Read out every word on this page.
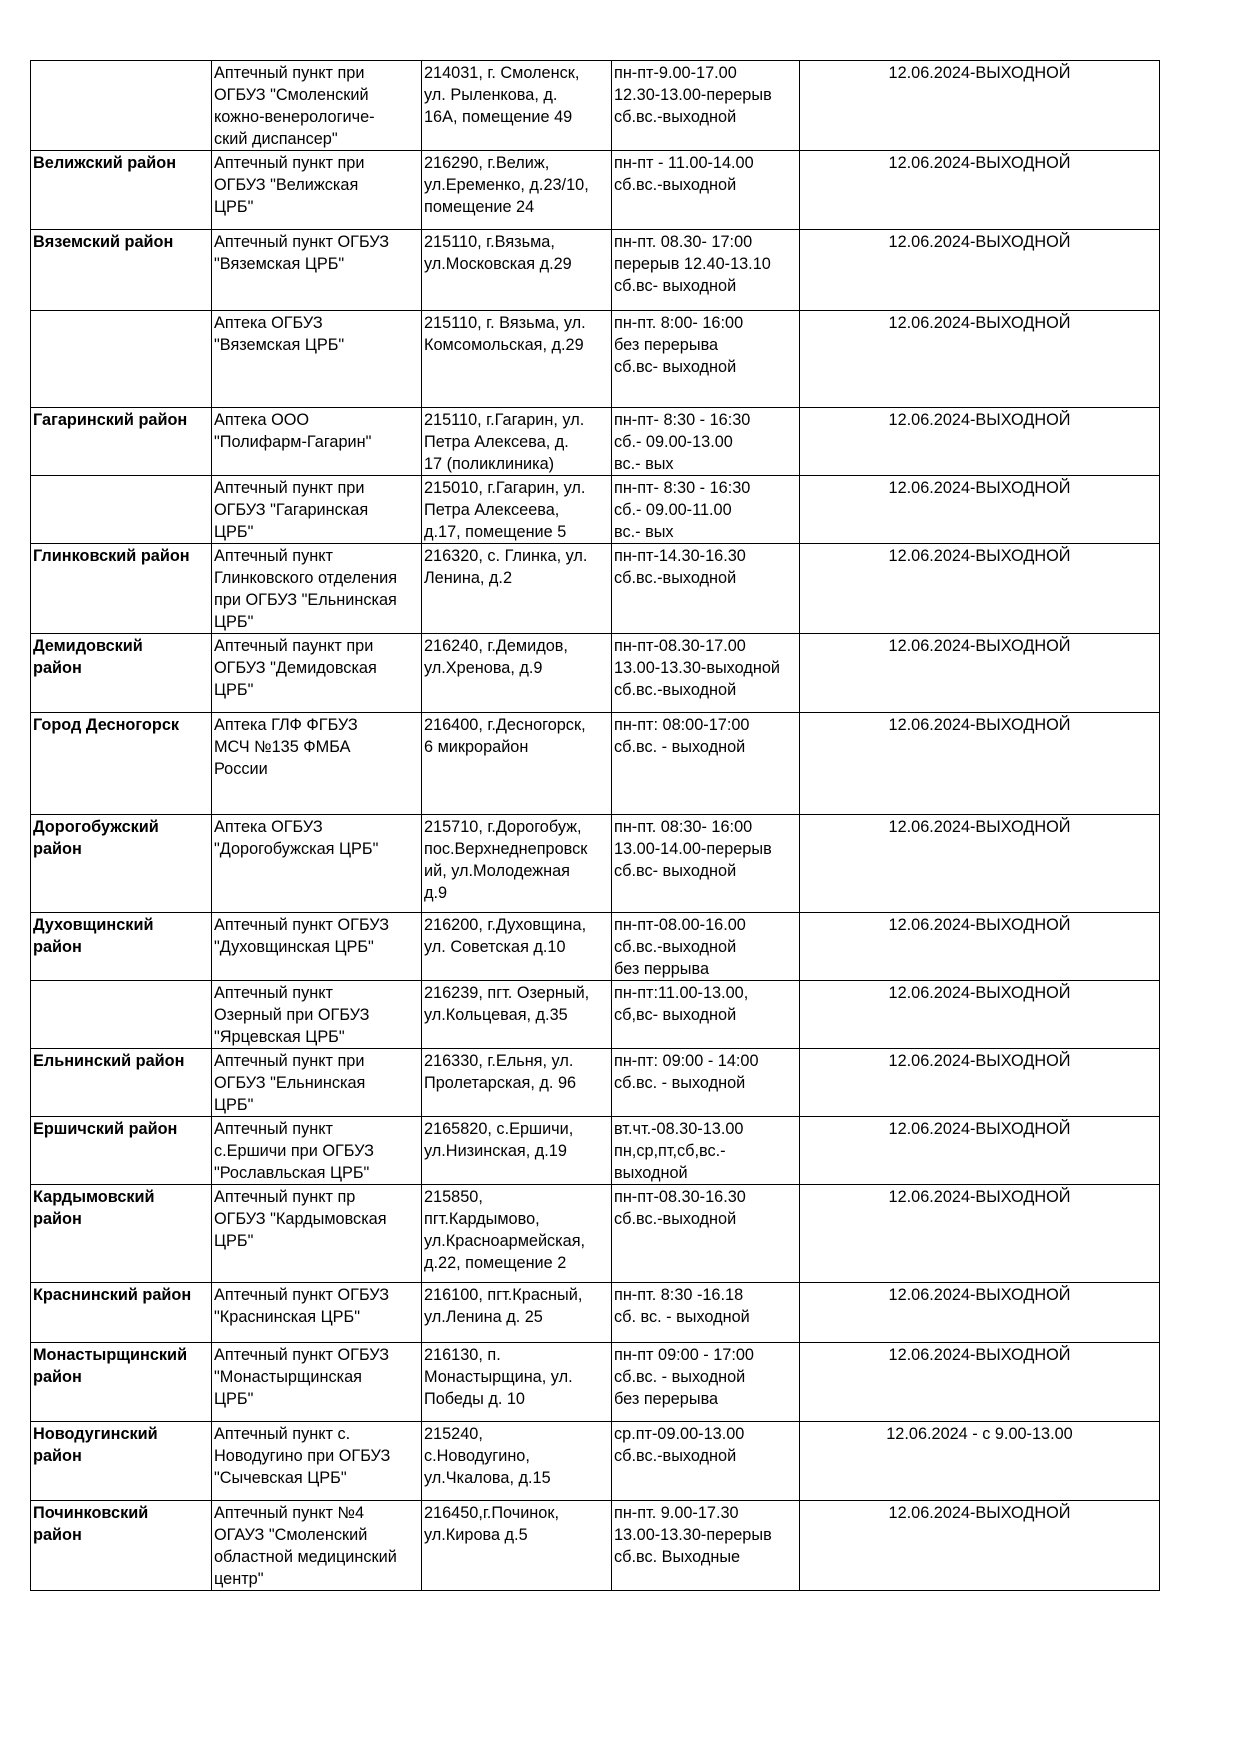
	Аптечный пункт при
ОГБУЗ "Смоленский
кожно-венерологиче-
ский диспансер"	214031, г. Смоленск,
ул. Рыленкова, д.
16А, помещение 49	пн-пт-9.00-17.00
12.30-13.00-перерыв
сб.вс.-выходной	12.06.2024-ВЫХОДНОЙ
Велижский район	Аптечный пункт при
ОГБУЗ "Велижская
ЦРБ"	216290, г.Велиж,
ул.Еременко, д.23/10,
помещение 24	пн-пт - 11.00-14.00
сб.вс.-выходной	12.06.2024-ВЫХОДНОЙ
Вяземский район	Аптечный пункт ОГБУЗ
"Вяземская ЦРБ"	215110, г.Вязьма,
ул.Московская д.29	пн-пт. 08.30- 17:00
перерыв 12.40-13.10
сб.вс- выходной	12.06.2024-ВЫХОДНОЙ
	Аптека ОГБУЗ
"Вяземская ЦРБ"	215110, г. Вязьма, ул.
Комсомольская, д.29	пн-пт. 8:00- 16:00
без перерыва
сб.вс- выходной	12.06.2024-ВЫХОДНОЙ
Гагаринский район	Аптека ООО
"Полифарм-Гагарин"	215110, г.Гагарин, ул.
Петра Алексева, д.
17 (поликлиника)	пн-пт- 8:30 - 16:30
сб.- 09.00-13.00
вс.- вых	12.06.2024-ВЫХОДНОЙ
	Аптечный пункт при
ОГБУЗ "Гагаринская
ЦРБ"	215010, г.Гагарин, ул.
Петра Алексеева,
д.17, помещение 5	пн-пт- 8:30 - 16:30
сб.- 09.00-11.00
вс.- вых	12.06.2024-ВЫХОДНОЙ
Глинковский район	Аптечный пункт
Глинковского отделения
при ОГБУЗ "Ельнинская
ЦРБ"	216320, с. Глинка, ул.
Ленина, д.2	пн-пт-14.30-16.30
сб.вс.-выходной	12.06.2024-ВЫХОДНОЙ
Демидовский
район	Аптечный паункт при
ОГБУЗ "Демидовская
ЦРБ"	216240, г.Демидов,
ул.Хренова, д.9	пн-пт-08.30-17.00
13.00-13.30-выходной
сб.вс.-выходной	12.06.2024-ВЫХОДНОЙ
Город Десногорск	Аптека ГЛФ ФГБУЗ
МСЧ №135 ФМБА
России	216400, г.Десногорск,
6 микрорайон	пн-пт: 08:00-17:00
сб.вс. - выходной	12.06.2024-ВЫХОДНОЙ
Дорогобужский
район	Аптека ОГБУЗ
"Дорогобужская ЦРБ"	215710, г.Дорогобуж,
пос.Верхнеднепровск
ий, ул.Молодежная
д.9	пн-пт. 08:30- 16:00
13.00-14.00-перерыв
сб.вс- выходной	12.06.2024-ВЫХОДНОЙ
Духовщинский
район	Аптечный пункт ОГБУЗ
"Духовщинская ЦРБ"	216200, г.Духовщина,
ул. Советская д.10	пн-пт-08.00-16.00
сб.вс.-выходной
без перрыва	12.06.2024-ВЫХОДНОЙ
	Аптечный пункт
Озерный при ОГБУЗ
"Ярцевская ЦРБ"	216239, пгт. Озерный,
ул.Кольцевая, д.35	пн-пт:11.00-13.00,
сб,вс- выходной	12.06.2024-ВЫХОДНОЙ
Ельнинский район	Аптечный пункт при
ОГБУЗ "Ельнинская
ЦРБ"	216330, г.Ельня, ул.
Пролетарская, д. 96	пн-пт: 09:00 - 14:00
сб.вс. - выходной	12.06.2024-ВЫХОДНОЙ
Ершичский район	Аптечный пункт
с.Ершичи при ОГБУЗ
"Рославльская ЦРБ"	2165820, с.Ершичи,
ул.Низинская, д.19	вт.чт.-08.30-13.00
пн,ср,пт,сб,вс.-
выходной	12.06.2024-ВЫХОДНОЙ
Кардымовский
район	Аптечный пункт пр
ОГБУЗ "Кардымовская
ЦРБ"	215850,
пгт.Кардымово,
ул.Красноармейская,
д.22, помещение 2	пн-пт-08.30-16.30
сб.вс.-выходной	12.06.2024-ВЫХОДНОЙ
Краснинский район	Аптечный пункт ОГБУЗ
"Краснинская ЦРБ"	216100, пгт.Красный,
ул.Ленина д. 25	пн-пт. 8:30 -16.18
сб. вс. - выходной	12.06.2024-ВЫХОДНОЙ
Монастырщинский
район	Аптечный пункт ОГБУЗ
"Монастырщинская
ЦРБ"	216130, п.
Монастырщина, ул.
Победы д. 10	пн-пт 09:00 - 17:00
сб.вс. - выходной
без перерыва	12.06.2024-ВЫХОДНОЙ
Новодугинский
район	Аптечный пункт с.
Новодугино при ОГБУЗ
"Сычевская ЦРБ"	215240,
с.Новодугино,
ул.Чкалова, д.15	ср.пт-09.00-13.00
сб.вс.-выходной	12.06.2024 - с 9.00-13.00
Починковский
район	Аптечный пункт №4
ОГАУЗ "Смоленский
областной медицинский
центр"	216450,г.Починок,
ул.Кирова д.5	пн-пт. 9.00-17.30
13.00-13.30-перерыв
сб.вс. Выходные	12.06.2024-ВЫХОДНОЙ
